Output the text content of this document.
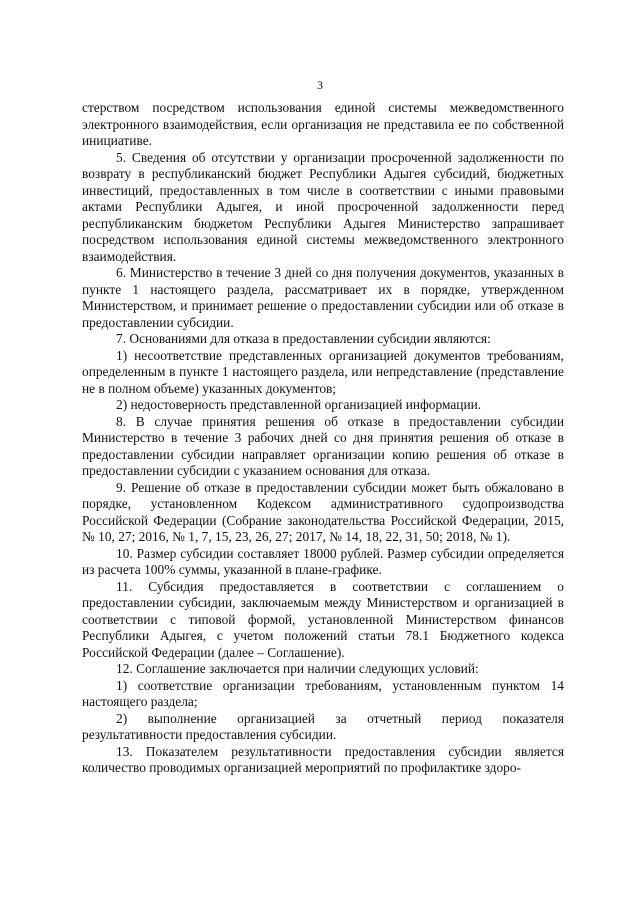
3

стерством посредством использования единой системы межведомственного электронного взаимодействия, если организация не представила ее по собственной инициативе.

5. Сведения об отсутствии у организации просроченной задолженности по возврату в республиканский бюджет Республики Адыгея субсидий, бюджетных инвестиций, предоставленных в том числе в соответствии с иными правовыми актами Республики Адыгея, и иной просроченной задолженности перед республиканским бюджетом Республики Адыгея Министерство запрашивает посредством использования единой системы межведомственного электронного взаимодействия.

6. Министерство в течение 3 дней со дня получения документов, указанных в пункте 1 настоящего раздела, рассматривает их в порядке, утвержденном Министерством, и принимает решение о предоставлении субсидии или об отказе в предоставлении субсидии.

7. Основаниями для отказа в предоставлении субсидии являются:

1) несоответствие представленных организацией документов требованиям, определенным в пункте 1 настоящего раздела, или непредставление (представление не в полном объеме) указанных документов;

2) недостоверность представленной организацией информации.

8. В случае принятия решения об отказе в предоставлении субсидии Министерство в течение 3 рабочих дней со дня принятия решения об отказе в предоставлении субсидии направляет организации копию решения об отказе в предоставлении субсидии с указанием основания для отказа.

9. Решение об отказе в предоставлении субсидии может быть обжаловано в порядке, установленном Кодексом административного судопроизводства Российской Федерации (Собрание законодательства Российской Федерации, 2015, № 10, 27; 2016, № 1, 7, 15, 23, 26, 27; 2017, № 14, 18, 22, 31, 50; 2018, № 1).

10. Размер субсидии составляет 18000 рублей. Размер субсидии определяется из расчета 100% суммы, указанной в плане-графике.

11. Субсидия предоставляется в соответствии с соглашением о предоставлении субсидии, заключаемым между Министерством и организацией в соответствии с типовой формой, установленной Министерством финансов Республики Адыгея, с учетом положений статьи 78.1 Бюджетного кодекса Российской Федерации (далее – Соглашение).

12. Соглашение заключается при наличии следующих условий:

1) соответствие организации требованиям, установленным пунктом 14 настоящего раздела;

2) выполнение организацией за отчетный период показателя результативности предоставления субсидии.

13. Показателем результативности предоставления субсидии является количество проводимых организацией мероприятий по профилактике здоро-
